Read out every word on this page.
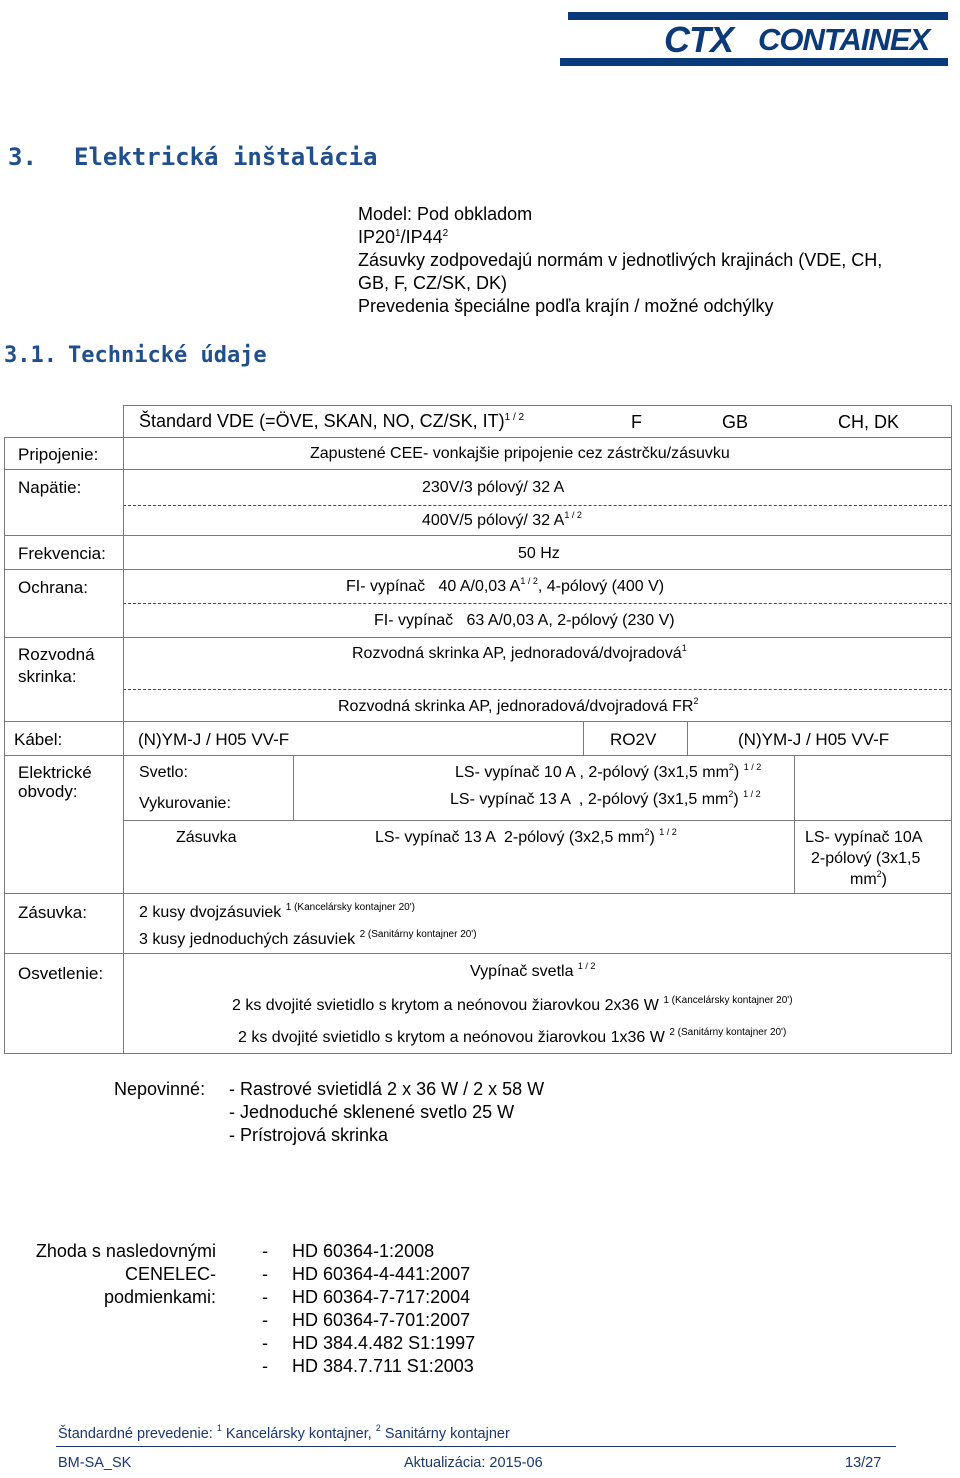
CTX CONTAINEX
3. Elektrická inštalácia
Model: Pod obkladom
$IP20^1/IP44^2$
Zásuvky zodpovedajú normám v jednotlivých krajinách (VDE, CH,
GB, F, CZ/SK, DK)
Prevedenia špeciálne podľa krajín / možné odchýlky
3.1. Technické údaje
Štandard VDE (=ÖVE, SKAN, NO, CZ/SK, IT)$^{1 / 2}$	F	GB	CH, DK
Pripojenie:	Zapustené CEE- vonkajšie pripojenie cez zástrčku/zásuvku
Napätie:	230V/3 pólový/ 32 A
400V/5 pólový/ 32 $A^{1 / 2}$
Frekvencia:	50 Hz
Ochrana:	FI- vypínač   40 A/0,03 $A^{1 / 2}$, 4-pólový (400 V)
FI- vypínač   63 A/0,03 A, 2-pólový (230 V)
Rozvodná
skrinka:
Rozvodná skrinka AP, jednoradová/dvojradová$^1$
Rozvodná skrinka AP, jednoradová/dvojradová $FR^2$
Kábel:	(N)YM-J / H05 VV-F	RO2V	(N)YM-J / H05 VV-F
Elektrické
obvody:
Svetlo:	LS- vypínač 10 A , 2-pólový (3x1,5 $mm^2$) $^{1 / 2}$
Vykurovanie:	LS- vypínač 13 A  , 2-pólový (3x1,5 $mm^2$) $^{1 / 2}$
Zásuvka	LS- vypínač 13 A  2-pólový (3x2,5 $mm^2$) $^{1 / 2}$	LS- vypínač 10A
2-pólový (3x1,5
$mm^2$)
Zásuvka:	2 kusy dvojzásuviek $^{1 (Kancelársky kontajner 20')}$
3 kusy jednoduchých zásuviek $^{2 (Sanitárny kontajner 20')}$
Osvetlenie:	Vypínač svetla $^{1 / 2}$
2 ks dvojité svietidlo s krytom a neónovou žiarovkou 2x36 W $^{1 (Kancelársky kontajner 20')}$
2 ks dvojité svietidlo s krytom a neónovou žiarovkou 1x36 W $^{2 (Sanitárny kontajner 20')}$
Nepovinné: - Rastrové svietidlá 2 x 36 W / 2 x 58 W
- Jednoduché sklenené svetlo 25 W
- Prístrojová skrinka
Zhoda s nasledovnými
CENELEC-
podmienkami:
- HD 60364-1:2008
- HD 60364-4-441:2007
- HD 60364-7-717:2004
- HD 60364-7-701:2007
- HD 384.4.482 S1:1997
- HD 384.7.711 S1:2003
Štandardné prevedenie: $^1$ Kancelársky kontajner, $^2$ Sanitárny kontajner
BM-SA_SK	Aktualizácia: 2015-06	13/27
